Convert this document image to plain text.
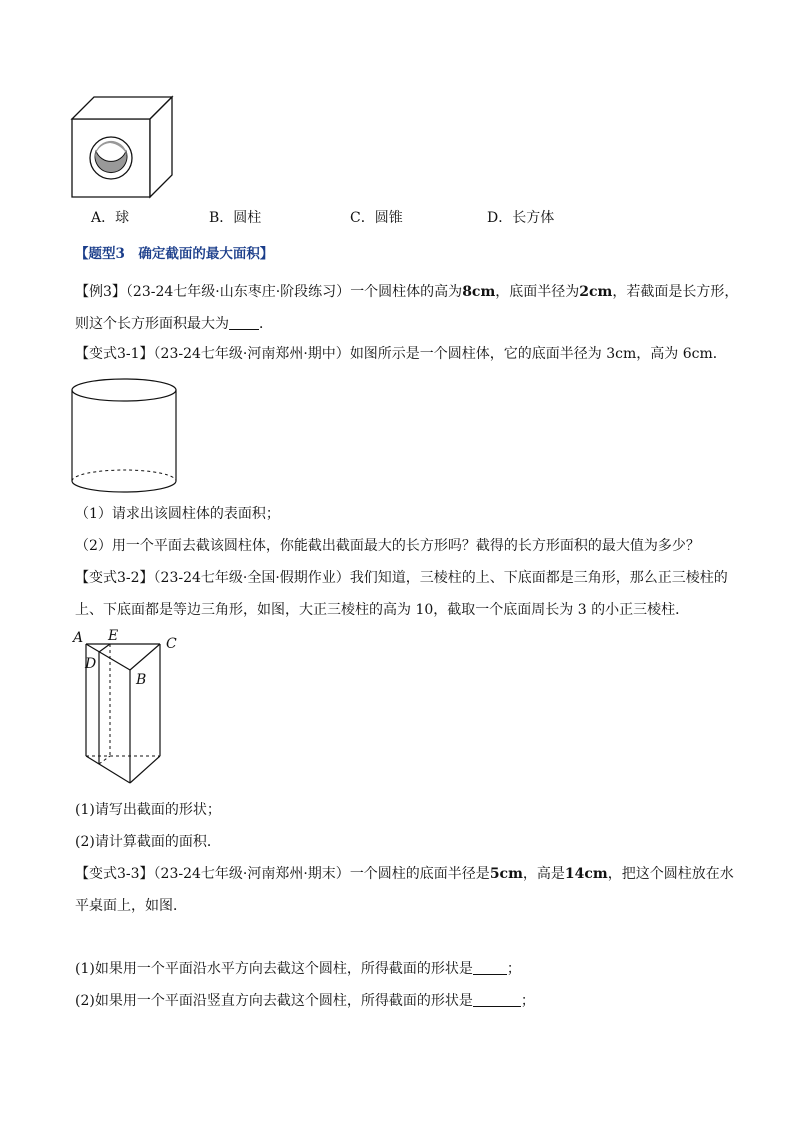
A．球	B．圆柱	C．圆锥	D．长方体
【题型3　确定截面的最大面积】
【例3】（23-24七年级·山东枣庄·阶段练习）一个圆柱体的高为8cm，底面半径为2cm，若截面是长方形，
则这个长方形面积最大为 ．
【变式3-1】（23-24七年级·河南郑州·期中）如图所示是一个圆柱体，它的底面半径为 3cm，高为 6cm．
（1）请求出该圆柱体的表面积；
（2）用一个平面去截该圆柱体，你能截出截面最大的长方形吗？截得的长方形面积的最大值为多少？
【变式3-2】（23-24七年级·全国·假期作业）我们知道，三棱柱的上、下底面都是三角形，那么正三棱柱的
上、下底面都是等边三角形，如图，大正三棱柱的高为 10，截取一个底面周长为 3 的小正三棱柱．
A E	C
D
B
(1)请写出截面的形状；
(2)请计算截面的面积．
【变式3-3】（23-24七年级·河南郑州·期末）一个圆柱的底面半径是5cm，高是14cm，把这个圆柱放在水
平桌面上，如图．
(1)如果用一个平面沿水平方向去截这个圆柱，所得截面的形状是 ；
(2)如果用一个平面沿竖直方向去截这个圆柱，所得截面的形状是	；
